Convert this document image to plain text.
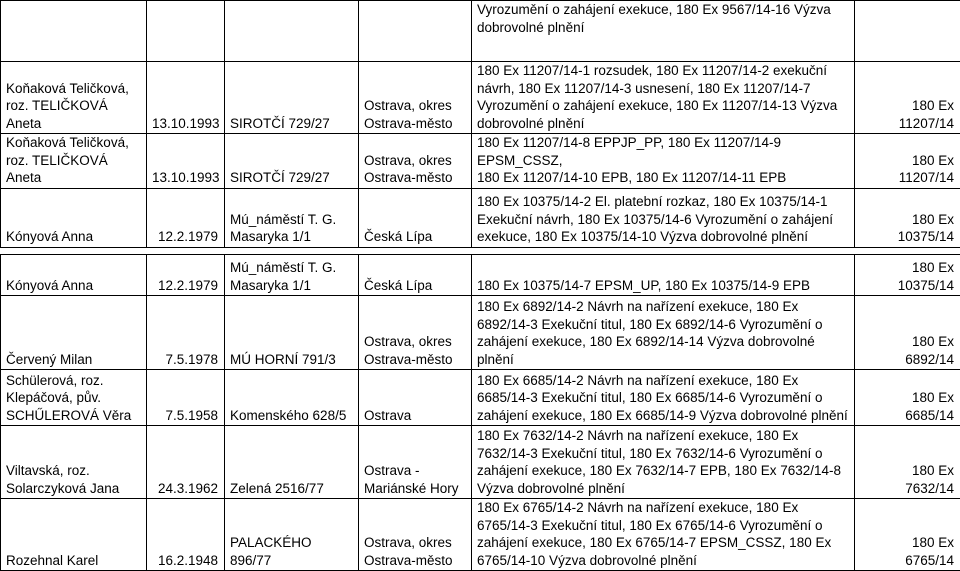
				Vyrozumění o zahájení exekuce, 180 Ex 9567/14-16 Výzva
dobrovolné plnění	
Koňaková Teličková,
roz. TELIČKOVÁ Aneta	13.10.1993	SIROTČÍ 729/27	Ostrava, okres
Ostrava-město	180 Ex 11207/14-1 rozsudek, 180 Ex 11207/14-2 exekuční
návrh, 180 Ex 11207/14-3 usnesení, 180 Ex 11207/14-7
Vyrozumění o zahájení exekuce, 180 Ex 11207/14-13 Výzva
dobrovolné plnění	180 Ex
11207/14
Koňaková Teličková,
roz. TELIČKOVÁ Aneta	13.10.1993	SIROTČÍ 729/27	Ostrava, okres
Ostrava-město	180 Ex 11207/14-8 EPPJP_PP, 180 Ex 11207/14-9 EPSM_CSSZ,
180 Ex 11207/14-10 EPB, 180 Ex 11207/14-11 EPB	180 Ex
11207/14
Kónyová Anna	12.2.1979	Mú_náměstí T. G.
Masaryka 1/1	Česká Lípa	180 Ex 10375/14-2 El. platební rozkaz, 180 Ex 10375/14-1
Exekuční návrh, 180 Ex 10375/14-6 Vyrozumění o zahájení
exekuce, 180 Ex 10375/14-10 Výzva dobrovolné plnění	180 Ex
10375/14
Kónyová Anna	12.2.1979	Mú_náměstí T. G.
Masaryka 1/1	Česká Lípa	180 Ex 10375/14-7 EPSM_UP, 180 Ex 10375/14-9 EPB	180 Ex
10375/14
Červený Milan	7.5.1978	MÚ HORNÍ 791/3	Ostrava, okres
Ostrava-město	180 Ex 6892/14-2 Návrh na nařízení exekuce, 180 Ex
6892/14-3 Exekuční titul, 180 Ex 6892/14-6 Vyrozumění o
zahájení exekuce, 180 Ex 6892/14-14 Výzva dobrovolné
plnění	180 Ex 6892/14
Schülerová, roz.
Klepáčová, pův.
SCHŰLEROVÁ Věra	7.5.1958	Komenského 628/5	Ostrava	180 Ex 6685/14-2 Návrh na nařízení exekuce, 180 Ex
6685/14-3 Exekuční titul, 180 Ex 6685/14-6 Vyrozumění o
zahájení exekuce, 180 Ex 6685/14-9 Výzva dobrovolné plnění	180 Ex 6685/14
Viltavská, roz.
Solarczyková Jana	24.3.1962	Zelená 2516/77	Ostrava -
Mariánské Hory	180 Ex 7632/14-2 Návrh na nařízení exekuce, 180 Ex
7632/14-3 Exekuční titul, 180 Ex 7632/14-6 Vyrozumění o
zahájení exekuce, 180 Ex 7632/14-7 EPB, 180 Ex 7632/14-8
Výzva dobrovolné plnění	180 Ex 7632/14
Rozehnal Karel	16.2.1948	PALACKÉHO 896/77	Ostrava, okres
Ostrava-město	180 Ex 6765/14-2 Návrh na nařízení exekuce, 180 Ex
6765/14-3 Exekuční titul, 180 Ex 6765/14-6 Vyrozumění o
zahájení exekuce, 180 Ex 6765/14-7 EPSM_CSSZ, 180 Ex
6765/14-10 Výzva dobrovolné plnění	180 Ex 6765/14
